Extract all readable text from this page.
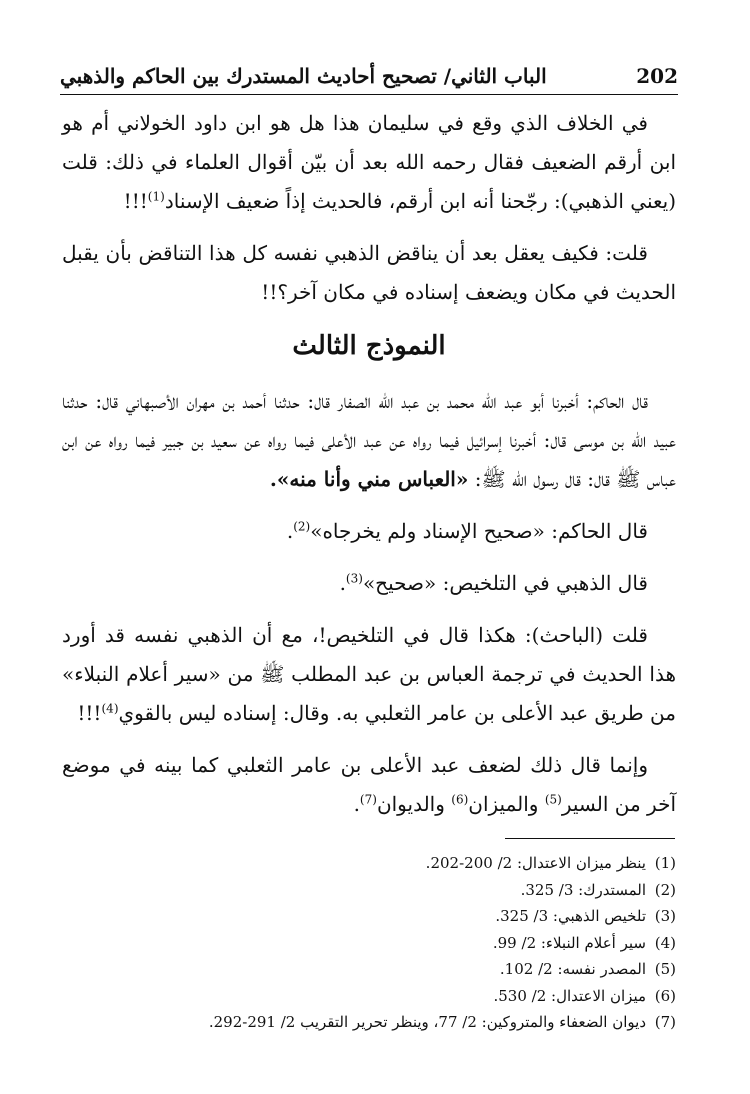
الباب الثاني/ تصحيح أحاديث المستدرك بين الحاكم والذهبي	202

في الخلاف الذي وقع في سليمان هذا هل هو ابن داود الخولاني أم هو ابن أرقم الضعيف فقال رحمه الله بعد أن بيّن أقوال العلماء في ذلك: قلت (يعني الذهبي): رجّحنا أنه ابن أرقم، فالحديث إذاً ضعيف الإسناد$^{(1)}$!!!

قلت: فكيف يعقل بعد أن يناقض الذهبي نفسه كل هذا التناقض بأن يقبل الحديث في مكان ويضعف إسناده في مكان آخر؟!!

النموذج الثالث

قال الحاكم: أخبرنا أبو عبد الله محمد بن عبد الله الصفار قال: حدثنا أحمد بن مهران الأصبهاني قال: حدثنا عبيد الله بن موسى قال: أخبرنا إسرائيل فيما رواه عن عبد الأعلى فيما رواه عن سعيد بن جبير فيما رواه عن ابن عباس ﷺ قال: قال رسول الله ﷺ: «العباس مني وأنا منه».

قال الحاكم: «صحيح الإسناد ولم يخرجاه»$^{(2)}$.

قال الذهبي في التلخيص: «صحيح»$^{(3)}$.

قلت (الباحث): هكذا قال في التلخيص!، مع أن الذهبي نفسه قد أورد هذا الحديث في ترجمة العباس بن عبد المطلب ﷺ من «سير أعلام النبلاء» من طريق عبد الأعلى بن عامر الثعلبي به. وقال: إسناده ليس بالقوي$^{(4)}$!!!

وإنما قال ذلك لضعف عبد الأعلى بن عامر الثعلبي كما بينه في موضع آخر من السير$^{(5)}$ والميزان$^{(6)}$ والديوان$^{(7)}$.

(1)
ينظر ميزان الاعتدال: 2/ 200-202.
(2)
المستدرك: 3/ 325.
(3)
تلخيص الذهبي: 3/ 325.
(4)
سير أعلام النبلاء: 2/ 99.
(5)
المصدر نفسه: 2/ 102.
(6)
ميزان الاعتدال: 2/ 530.
(7)
ديوان الضعفاء والمتروكين: 2/ 77، وينظر تحرير التقريب 2/ 291-292.
